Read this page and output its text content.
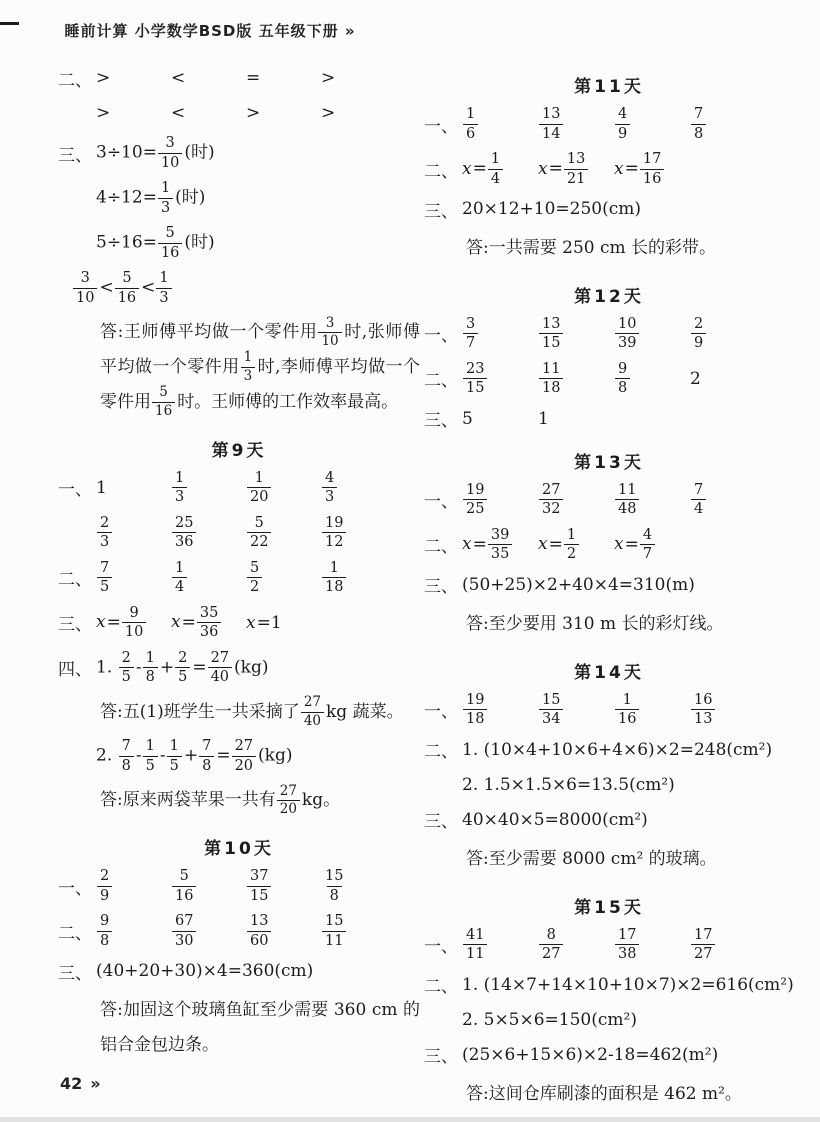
睡前计算 小学数学BSD版 五年级下册 »
二、 >	<	=	>
>	<	>	>
三、 $3\div 10= \frac{3}{10}$ (时)
$4\div 12= \frac{1}{3}$ (时)
$5\div 16= \frac{5}{16}$ (时)
$\frac{3}{10} < \frac{5}{16} < \frac{1}{3}$
答:王师傅平均做一个零件用 $\frac{3}{10}$ 时,张师傅平均做一个零件用 $\frac{1}{3}$ 时,李师傅平均做一个零件用 $\frac{5}{16}$ 时。王师傅的工作效率最高。
第9天
一、 1	$\frac{1}{3}$	$\frac{1}{20}$	$\frac{4}{3}$
$\frac{2}{3}$	$\frac{25}{36}$	$\frac{5}{22}$	$\frac{19}{12}$
二、 $\frac{7}{5}$	$\frac{1}{4}$	$\frac{5}{2}$	$\frac{1}{18}$
三、 $x= \frac{9}{10} x= \frac{35}{36} x=1$
四、 1. $\frac{2}{5} - \frac{1}{8} + \frac{2}{5} = \frac{27}{40} (kg)$
答:五(1)班学生一共采摘了 $\frac{27}{40}$ kg 蔬菜。
2. $\frac{7}{8} - \frac{1}{5} - \frac{1}{5} + \frac{7}{8} = \frac{27}{20} (kg)$
答:原来两袋苹果一共有 $\frac{27}{20}$ kg。
第10天
一、 $\frac{2}{9}$	$\frac{5}{16}$	$\frac{37}{15}$	$\frac{15}{8}$
二、 $\frac{9}{8}$	$\frac{67}{30}$	$\frac{13}{60}$	$\frac{15}{11}$
三、 (40+20+30)×4=360(cm)
答:加固这个玻璃鱼缸至少需要 360 cm 的铝合金包边条。
第11天
一、 $\frac{1}{6}$	$\frac{13}{14}$	$\frac{4}{9}$	$\frac{7}{8}$
二、 $x= \frac{1}{4} x= \frac{13}{21} x= \frac{17}{16}$
三、 20×12+10=250(cm)
答:一共需要 250 cm 长的彩带。
第12天
一、 $\frac{3}{7}$	$\frac{13}{15}$	$\frac{10}{39}$	$\frac{2}{9}$
二、 $\frac{23}{15}$	$\frac{11}{18}$	$\frac{9}{8}$	2
三、 5	1
第13天
一、 $\frac{19}{25}$	$\frac{27}{32}$	$\frac{11}{48}$	$\frac{7}{4}$
二、 $x= \frac{39}{35} x= \frac{1}{2} x= \frac{4}{7}$
三、 (50+25)×2+40×4=310(m)
答:至少要用 310 m 长的彩灯线。
第14天
一、 $\frac{19}{18}$	$\frac{15}{34}$	$\frac{1}{16}$	$\frac{16}{13}$
二、 1. (10×4+10×6+4×6)×2=248(cm²)
2. 1.5×1.5×6=13.5(cm²)
三、 40×40×5=8000(cm²)
答:至少需要 8000 cm² 的玻璃。
第15天
一、 $\frac{41}{11}$	$\frac{8}{27}$	$\frac{17}{38}$	$\frac{17}{27}$
二、 1. (14×7+14×10+10×7)×2=616(cm²)
2. 5×5×6=150(cm²)
三、 (25×6+15×6)×2-18=462(m²)
答:这间仓库刷漆的面积是 462 m²。
42 »
